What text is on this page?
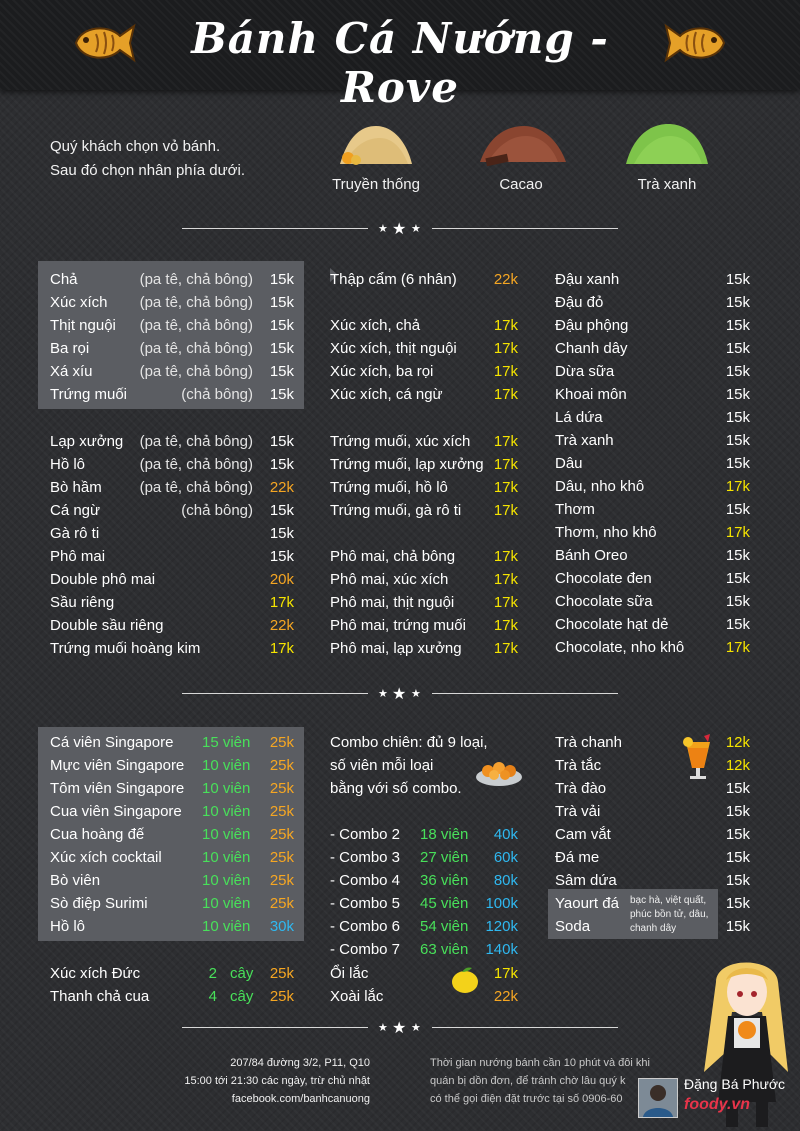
Bánh Cá Nướng - Rove
Quý khách chọn vỏ bánh.
Sau đó chọn nhân phía dưới.
Truyền thống	Cacao	Trà xanh
★ ★ ★
★ ★ ★
★ ★ ★
Chả	(pa tê, chả bông)	15k
Xúc xích	(pa tê, chả bông)	15k
Thịt nguội	(pa tê, chả bông)	15k
Ba rọi	(pa tê, chả bông)	15k
Xá xíu	(pa tê, chả bông)	15k
Trứng muối	(chả bông)	15k
Lạp xưởng	(pa tê, chả bông)	15k
Hồ lô	(pa tê, chả bông)	15k
Bò hầm	(pa tê, chả bông)	22k
Cá ngừ	(chả bông)	15k
Gà rô ti	15k
Phô mai	15k
Double phô mai	20k
Sầu riêng	17k
Double sầu riêng	22k
Trứng muối hoàng kim	17k
Thập cẩm (6 nhân)	22k
Xúc xích, chả	17k
Xúc xích, thịt nguội	17k
Xúc xích, ba rọi	17k
Xúc xích, cá ngừ	17k
Trứng muối, xúc xích	17k
Trứng muối, lạp xưởng 17k
Trứng muối, hồ lô	17k
Trứng muối, gà rô ti	17k
Phô mai, chả bông	17k
Phô mai, xúc xích	17k
Phô mai, thịt nguội	17k
Phô mai, trứng muối	17k
Phô mai, lạp xưởng	17k
Đậu xanh	15k
Đậu đỏ	15k
Đậu phộng	15k
Chanh dây	15k
Dừa sữa	15k
Khoai môn	15k
Lá dứa	15k
Trà xanh	15k
Dâu	15k
Dâu, nho khô	17k
Thơm	15k
Thơm, nho khô	17k
Bánh Oreo	15k
Chocolate đen	15k
Chocolate sữa	15k
Chocolate hạt dẻ	15k
Chocolate, nho khô	17k
Cá viên Singapore 15 viên	25k
Mực viên Singapore 10 viên	25k
Tôm viên Singapore 10 viên	25k
Cua viên Singapore 10 viên	25k
Cua hoàng đế	10 viên	25k
Xúc xích cocktail	10 viên	25k
Bò viên	10 viên	25k
Sò điệp Surimi	10 viên	25k
Hồ lô	10 viên	30k
Xúc xích Đức	2 cây	25k
Thanh chả cua	4 cây	25k
- Combo 2 18 viên	40k
- Combo 3 27 viên	60k
- Combo 4 36 viên	80k
- Combo 5 45 viên	100k
- Combo 6 54 viên	120k
- Combo 7 63 viên	140k
Ổi lắc	17k
Xoài lắc	22k
Trà chanh	12k
Trà tắc	12k
Trà đào	15k
Trà vải	15k
Cam vắt	15k
Đá me	15k
Sâm dứa	15k
Yaourt đá	15k
Soda	15k
Combo chiên: đủ 9 loại,
số viên mỗi loại
bằng với số combo.
bạc hà, việt quất,
phúc bồn tử, dâu,
chanh dây
207/84 đường 3/2, P11, Q10
15:00 tới 21:30 các ngày, trừ chủ nhật
facebook.com/banhcanuong
Thời gian nướng bánh cần 10 phút và đôi khi
quán bị dồn đơn, để tránh chờ lâu quý k
có thể gọi điện đặt trước tại số 0906-60
Đặng Bá Phước
foody.vn
